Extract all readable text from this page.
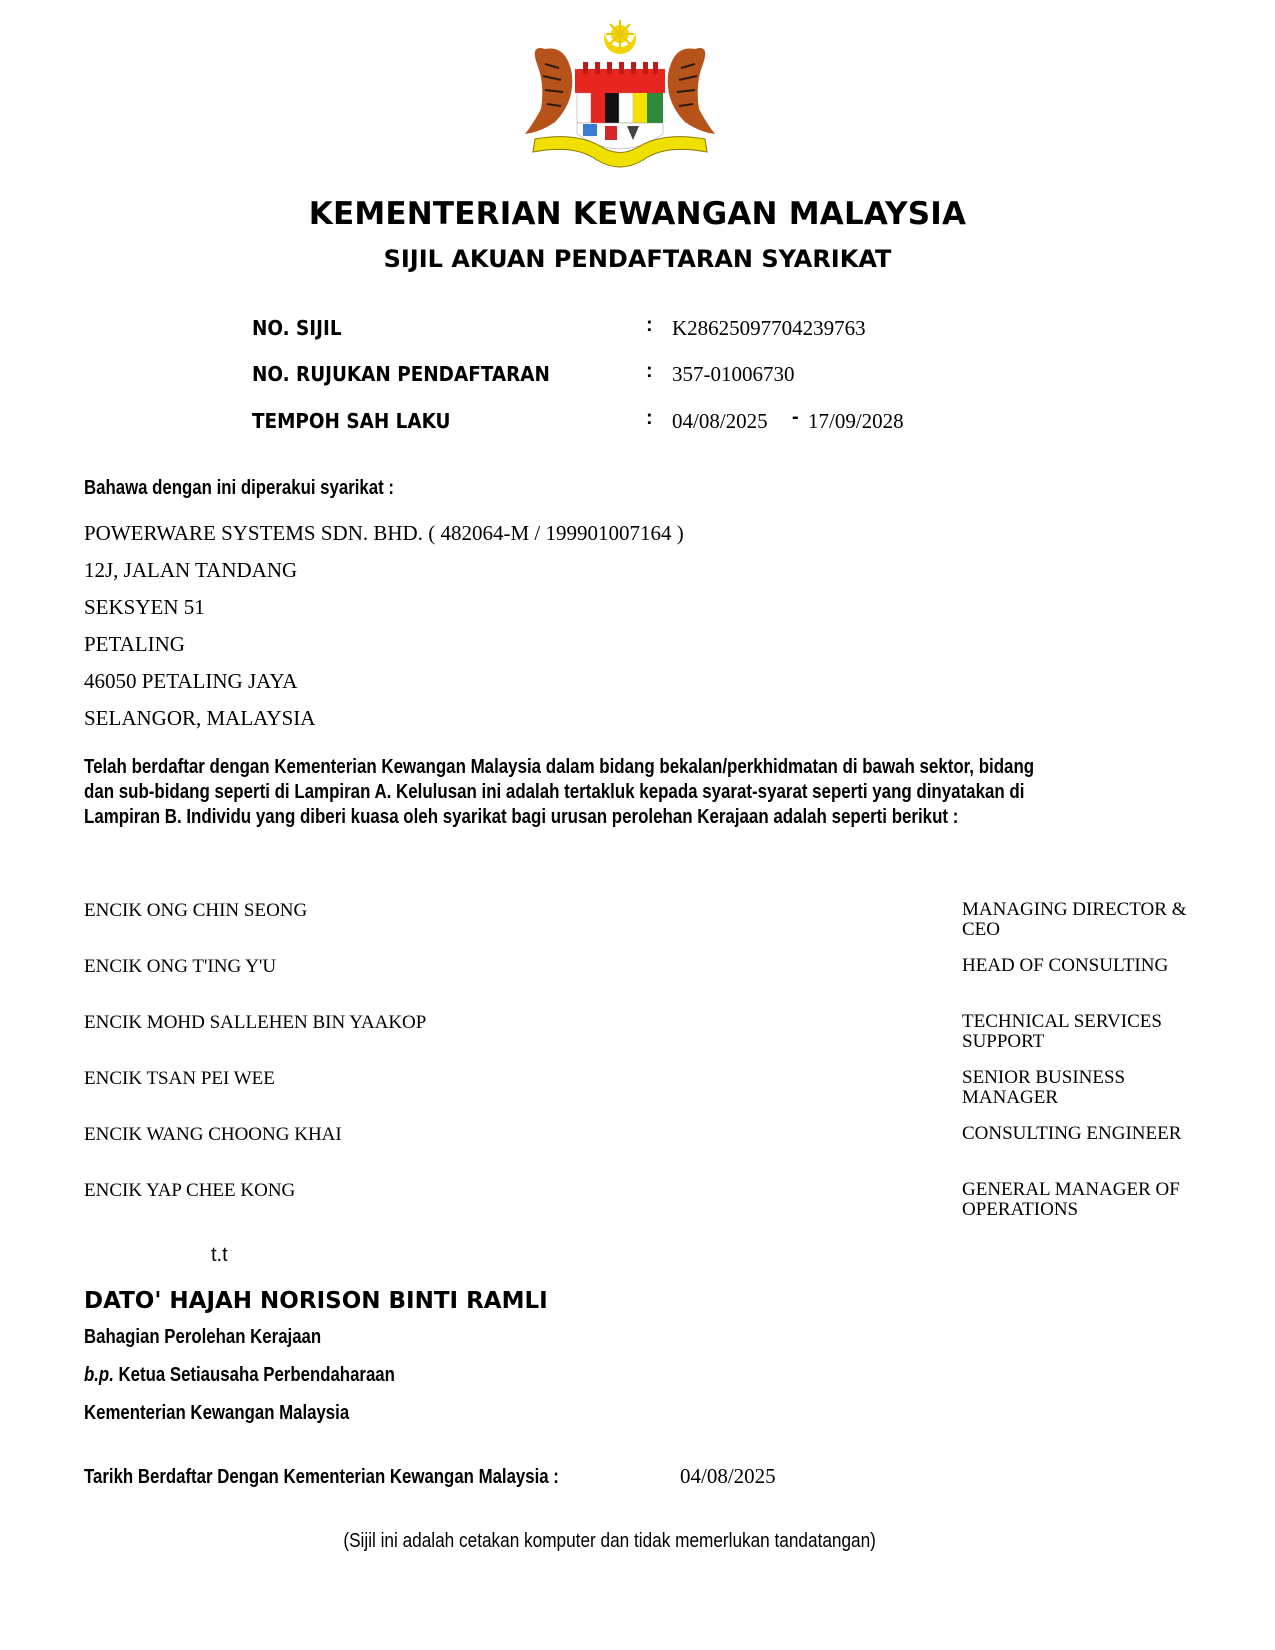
KEMENTERIAN KEWANGAN MALAYSIA
SIJIL AKUAN PENDAFTARAN SYARIKAT
NO. SIJIL	: K28625097704239763
NO. RUJUKAN PENDAFTARAN	: 357-01006730
TEMPOH SAH LAKU	: 04/08/2025 - 17/09/2028
Bahawa dengan ini diperakui syarikat :
POWERWARE SYSTEMS SDN. BHD. ( 482064-M / 199901007164 )
12J, JALAN TANDANG
SEKSYEN 51
PETALING
46050 PETALING JAYA
SELANGOR, MALAYSIA
Telah berdaftar dengan Kementerian Kewangan Malaysia dalam bidang bekalan/perkhidmatan di bawah sektor, bidang
dan sub-bidang seperti di Lampiran A. Kelulusan ini adalah tertakluk kepada syarat-syarat seperti yang dinyatakan di
Lampiran B. Individu yang diberi kuasa oleh syarikat bagi urusan perolehan Kerajaan adalah seperti berikut :
ENCIK ONG CHIN SEONG	MANAGING DIRECTOR & CEO
ENCIK ONG T'ING Y'U	HEAD OF CONSULTING
ENCIK MOHD SALLEHEN BIN YAAKOP	TECHNICAL SERVICES SUPPORT
ENCIK TSAN PEI WEE	SENIOR BUSINESS MANAGER
ENCIK WANG CHOONG KHAI	CONSULTING ENGINEER
ENCIK YAP CHEE KONG	GENERAL MANAGER OF OPERATIONS
t.t
DATO' HAJAH NORISON BINTI RAMLI
Bahagian Perolehan Kerajaan
b.p. Ketua Setiausaha Perbendaharaan
Kementerian Kewangan Malaysia
Tarikh Berdaftar Dengan Kementerian Kewangan Malaysia :	04/08/2025
(Sijil ini adalah cetakan komputer dan tidak memerlukan tandatangan)
